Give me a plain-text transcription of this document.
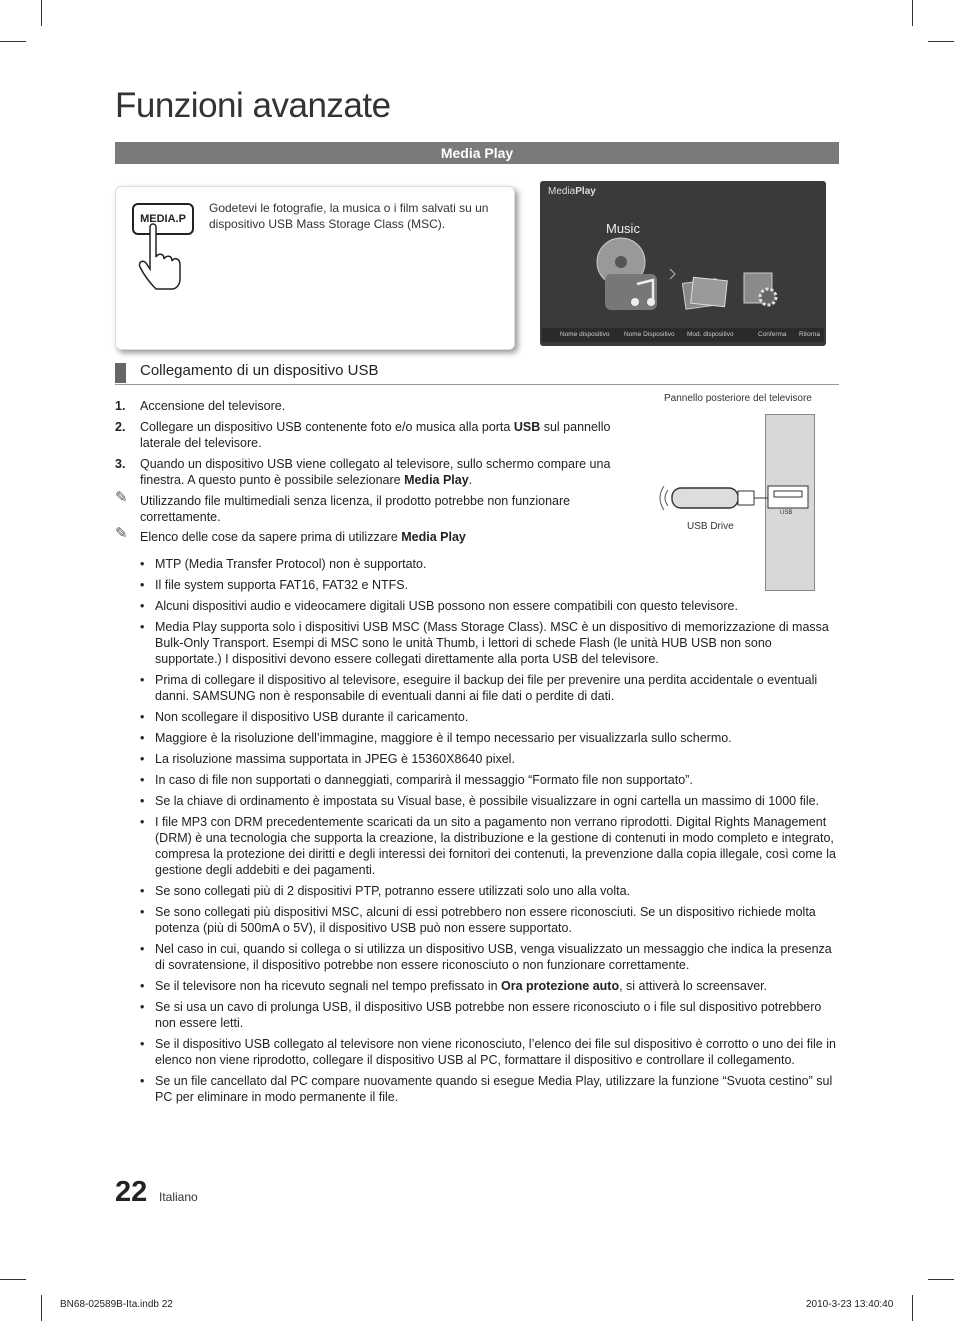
Funzioni avanzate
Media Play
MEDIA.P
Godetevi le fotografie, la musica o i film salvati su un dispositivo USB Mass Storage Class (MSC).
MediaPlay
Music
Nome dispositivo Nome Dispositivo Mod. dispositivo	Conferma Ritorna
Collegamento di un dispositivo USB
1. Accensione del televisore.
2. Collegare un dispositivo USB contenente foto e/o musica alla porta USB sul pannello laterale del televisore.
3. Quando un dispositivo USB viene collegato al televisore, sullo schermo compare una finestra. A questo punto è possibile selezionare Media Play.
✎ Utilizzando file multimediali senza licenza, il prodotto potrebbe non funzionare correttamente.
✎ Elenco delle cose da sapere prima di utilizzare Media Play
Pannello posteriore del televisore
USB
USB Drive
• MTP (Media Transfer Protocol) non è supportato.
• Il file system supporta FAT16, FAT32 e NTFS.
• Alcuni dispositivi audio e videocamere digitali USB possono non essere compatibili con questo televisore.
• Media Play supporta solo i dispositivi USB MSC (Mass Storage Class). MSC è un dispositivo di memorizzazione di massa Bulk-Only Transport. Esempi di MSC sono le unità Thumb, i lettori di schede Flash (le unità HUB USB non sono supportate.) I dispositivi devono essere collegati direttamente alla porta USB del televisore.
• Prima di collegare il dispositivo al televisore, eseguire il backup dei file per prevenire una perdita accidentale o eventuali danni. SAMSUNG non è responsabile di eventuali danni ai file dati o perdite di dati.
• Non scollegare il dispositivo USB durante il caricamento.
• Maggiore è la risoluzione dell’immagine, maggiore è il tempo necessario per visualizzarla sullo schermo.
• La risoluzione massima supportata in JPEG è 15360X8640 pixel.
• In caso di file non supportati o danneggiati, comparirà il messaggio “Formato file non supportato”.
• Se la chiave di ordinamento è impostata su Visual base, è possibile visualizzare in ogni cartella un massimo di 1000 file.
• I file MP3 con DRM precedentemente scaricati da un sito a pagamento non verrano riprodotti. Digital Rights Management (DRM) è una tecnologia che supporta la creazione, la distribuzione e la gestione di contenuti in modo completo e integrato, compresa la protezione dei diritti e degli interessi dei fornitori dei contenuti, la prevenzione dalla copia illegale, così come la gestione degli addebiti e dei pagamenti.
• Se sono collegati più di 2 dispositivi PTP, potranno essere utilizzati solo uno alla volta.
• Se sono collegati più dispositivi MSC, alcuni di essi potrebbero non essere riconosciuti. Se un dispositivo richiede molta potenza (più di 500mA o 5V), il dispositivo USB può non essere supportato.
• Nel caso in cui, quando si collega o si utilizza un dispositivo USB, venga visualizzato un messaggio che indica la presenza di sovratensione, il dispositivo potrebbe non essere riconosciuto o non funzionare correttamente.
• Se il televisore non ha ricevuto segnali nel tempo prefissato in Ora protezione auto, si attiverà lo screensaver.
• Se si usa un cavo di prolunga USB, il dispositivo USB potrebbe non essere riconosciuto o i file sul dispositivo potrebbero non essere letti.
• Se il dispositivo USB collegato al televisore non viene riconosciuto, l’elenco dei file sul dispositivo è corrotto o uno dei file in elenco non viene riprodotto, collegare il dispositivo USB al PC, formattare il dispositivo e controllare il collegamento.
• Se un file cancellato dal PC compare nuovamente quando si esegue Media Play, utilizzare la funzione “Svuota cestino” sul PC per eliminare in modo permanente il file.
22 Italiano
BN68-02589B-Ita.indb 22	2010-3-23 13:40:40
